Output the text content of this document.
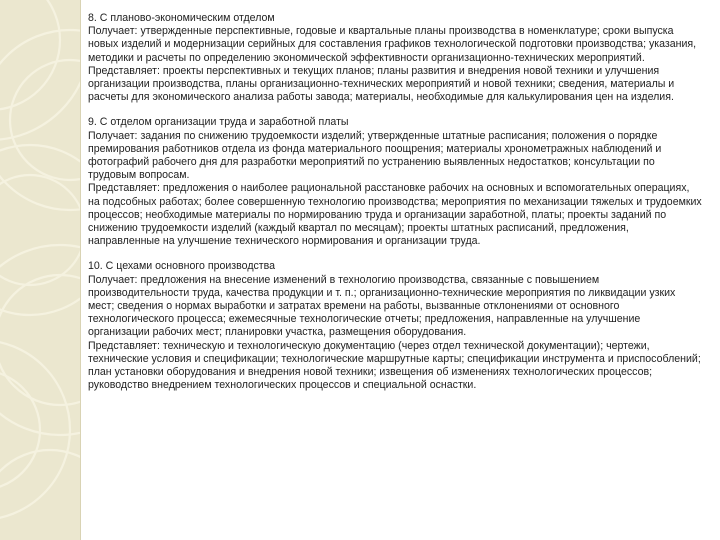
8. С планово-экономическим отделом

Получает: утвержденные перспективные, годовые и квартальные планы производства в номенклатуре; сроки выпуска новых изделий и модернизации серийных для составления графиков технологической подготовки производства; указания, методики и расчеты по определению экономической эффективности организационно-технических мероприятий.

Представляет: проекты перспективных и текущих планов; планы развития и внедрения новой техники и улучшения организации производства, планы организационно-технических мероприятий и новой техники; сведения, материалы и расчеты для экономического анализа работы завода; материалы, необходимые для калькулирования цен на изделия.

9. С отделом организации труда и заработной платы

Получает: задания по снижению трудоемкости изделий; утвержденные штатные расписания; положения о порядке премирования работников отдела из фонда материального поощрения; материалы хронометражных наблюдений и фотографий рабочего дня для разработки мероприятий по устранению выявленных недостатков; консультации по трудовым вопросам.

Представляет: предложения о наиболее рациональной расстановке рабочих на основных и вспомогательных операциях, на подсобных работах; более совершенную технологию производства; мероприятия по механизации тяжелых и трудоемких процессов; необходимые материалы по нормированию труда и организации заработной, платы; проекты заданий по снижению трудоемкости изделий (каждый квартал по месяцам); проекты штатных расписаний, предложения, направленные на улучшение технического нормирования и организации труда.

10. С цехами основного производства

Получает: предложения на внесение изменений в технологию производства, связанные с повышением производительности труда, качества продукции и т. п.; организационно-технические мероприятия по ликвидации узких мест; сведения о нормах выработки и затратах времени на работы, вызванные отклонениями от основного технологического процесса; ежемесячные технологические отчеты; предложения, направленные на улучшение организации рабочих мест; планировки участка, размещения оборудования.

Представляет: техническую и технологическую документацию (через отдел технической документации); чертежи, технические условия и спецификации; технологические маршрутные карты; спецификации инструмента и приспособлений; план установки оборудования и внедрения новой техники; извещения об изменениях технологических процессов; руководство внедрением технологических процессов и специальной оснастки.
